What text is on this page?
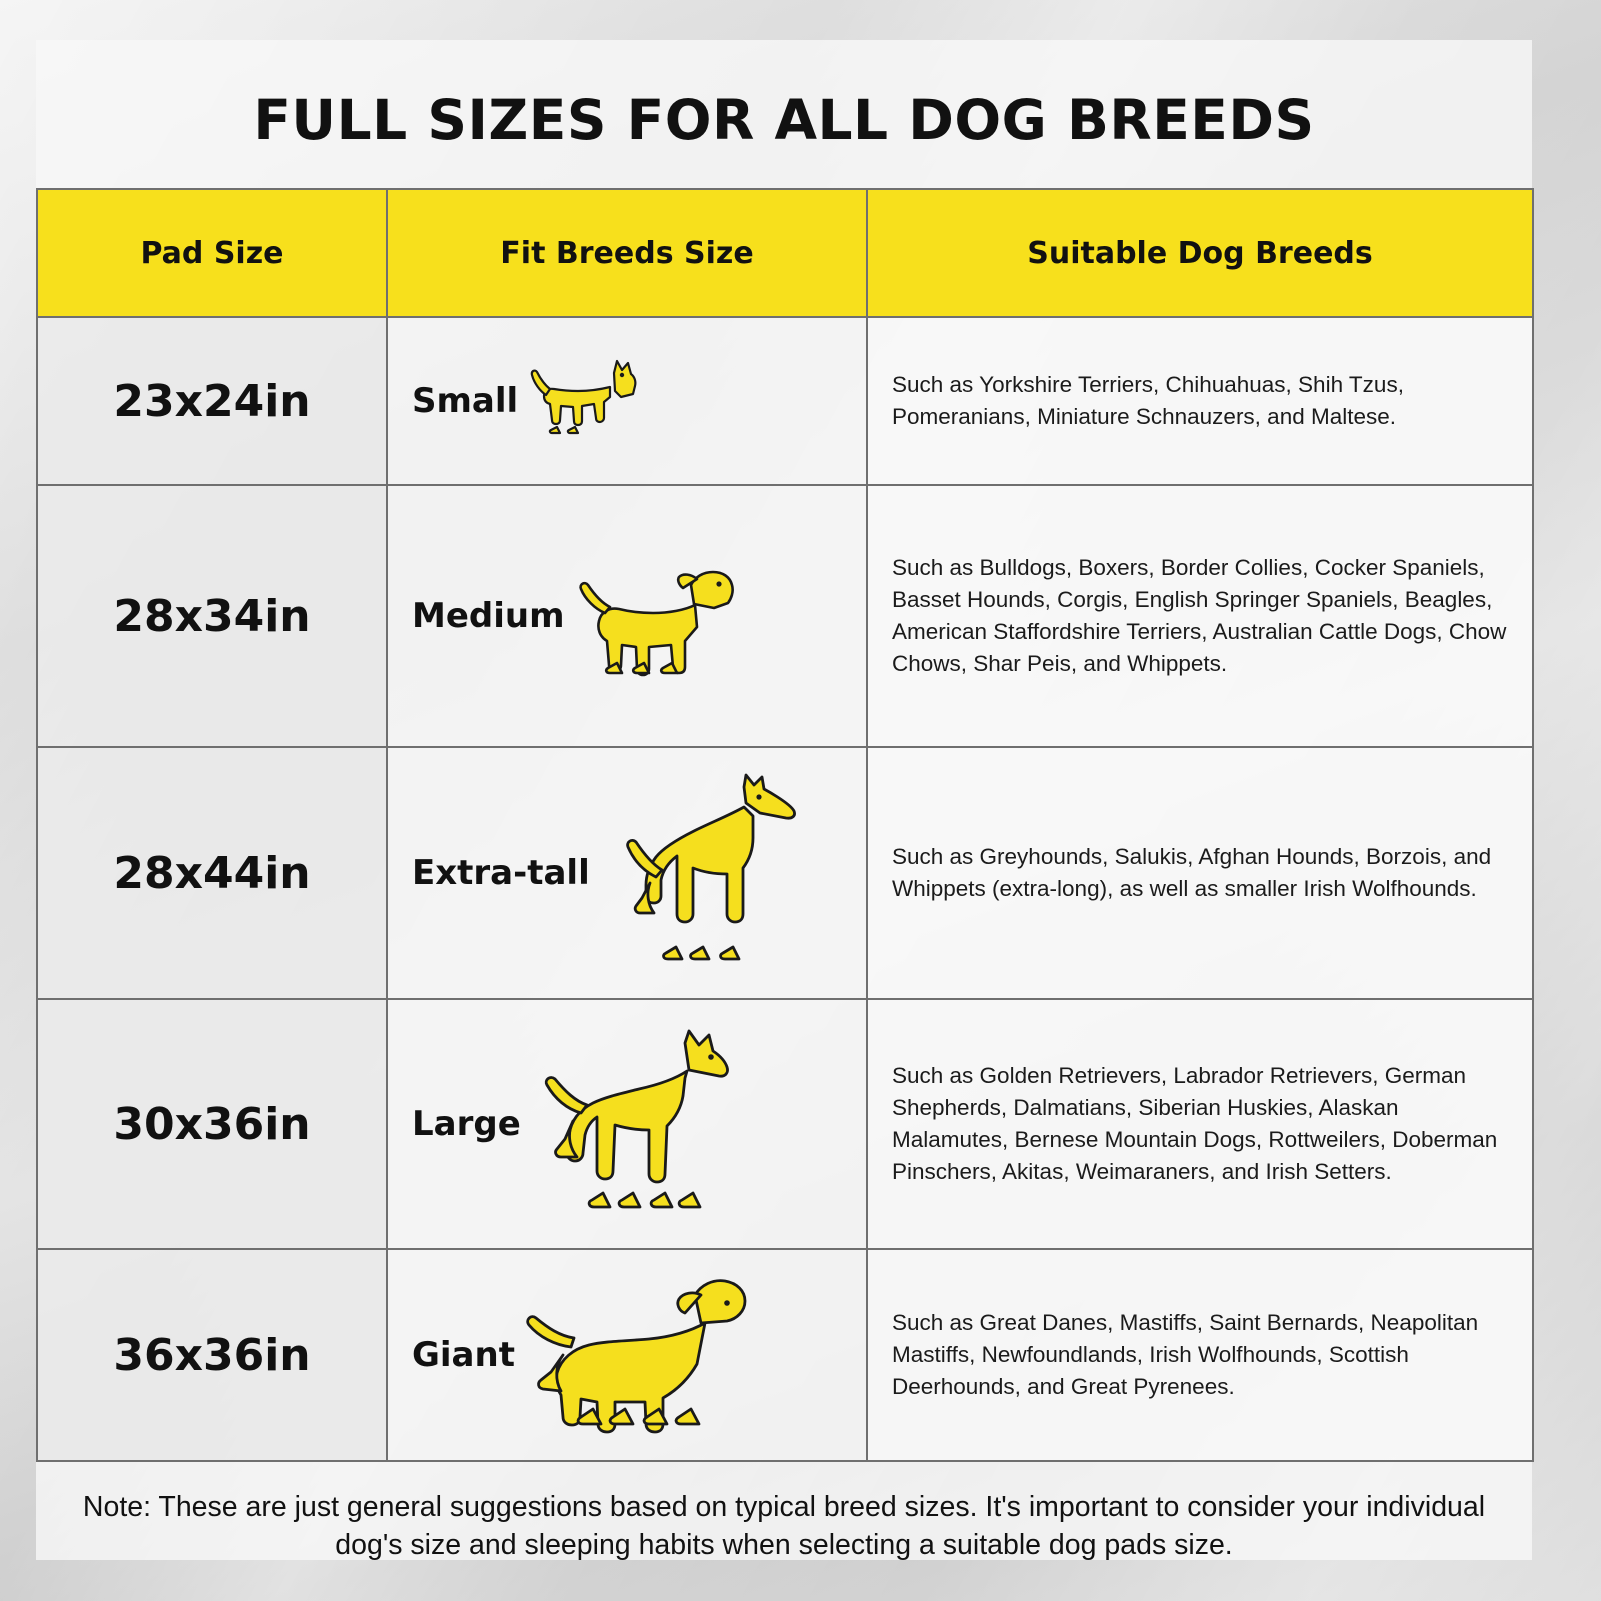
FULL SIZES FOR ALL DOG BREEDS
Pad Size	Fit Breeds Size	Suitable Dog Breeds
23x24in	Small	Such as Yorkshire Terriers, Chihuahuas, Shih Tzus, Pomeranians, Miniature Schnauzers, and Maltese.
28x34in	Medium	Such as Bulldogs, Boxers, Border Collies, Cocker Spaniels, Basset Hounds, Corgis, English Springer Spaniels, Beagles, American Staffordshire Terriers, Australian Cattle Dogs, Chow Chows, Shar Peis, and Whippets.
28x44in	Extra-tall	Such as Greyhounds, Salukis, Afghan Hounds, Borzois, and Whippets (extra-long), as well as smaller Irish Wolfhounds.
30x36in	Large	Such as Golden Retrievers, Labrador Retrievers, German Shepherds, Dalmatians, Siberian Huskies, Alaskan Malamutes, Bernese Mountain Dogs, Rottweilers, Doberman Pinschers, Akitas, Weimaraners, and Irish Setters.
36x36in	Giant	Such as Great Danes, Mastiffs, Saint Bernards, Neapolitan Mastiffs, Newfoundlands, Irish Wolfhounds, Scottish Deerhounds, and Great Pyrenees.
Note: These are just general suggestions based on typical breed sizes. It's important to consider your individual dog's size and sleeping habits when selecting a suitable dog pads size.
